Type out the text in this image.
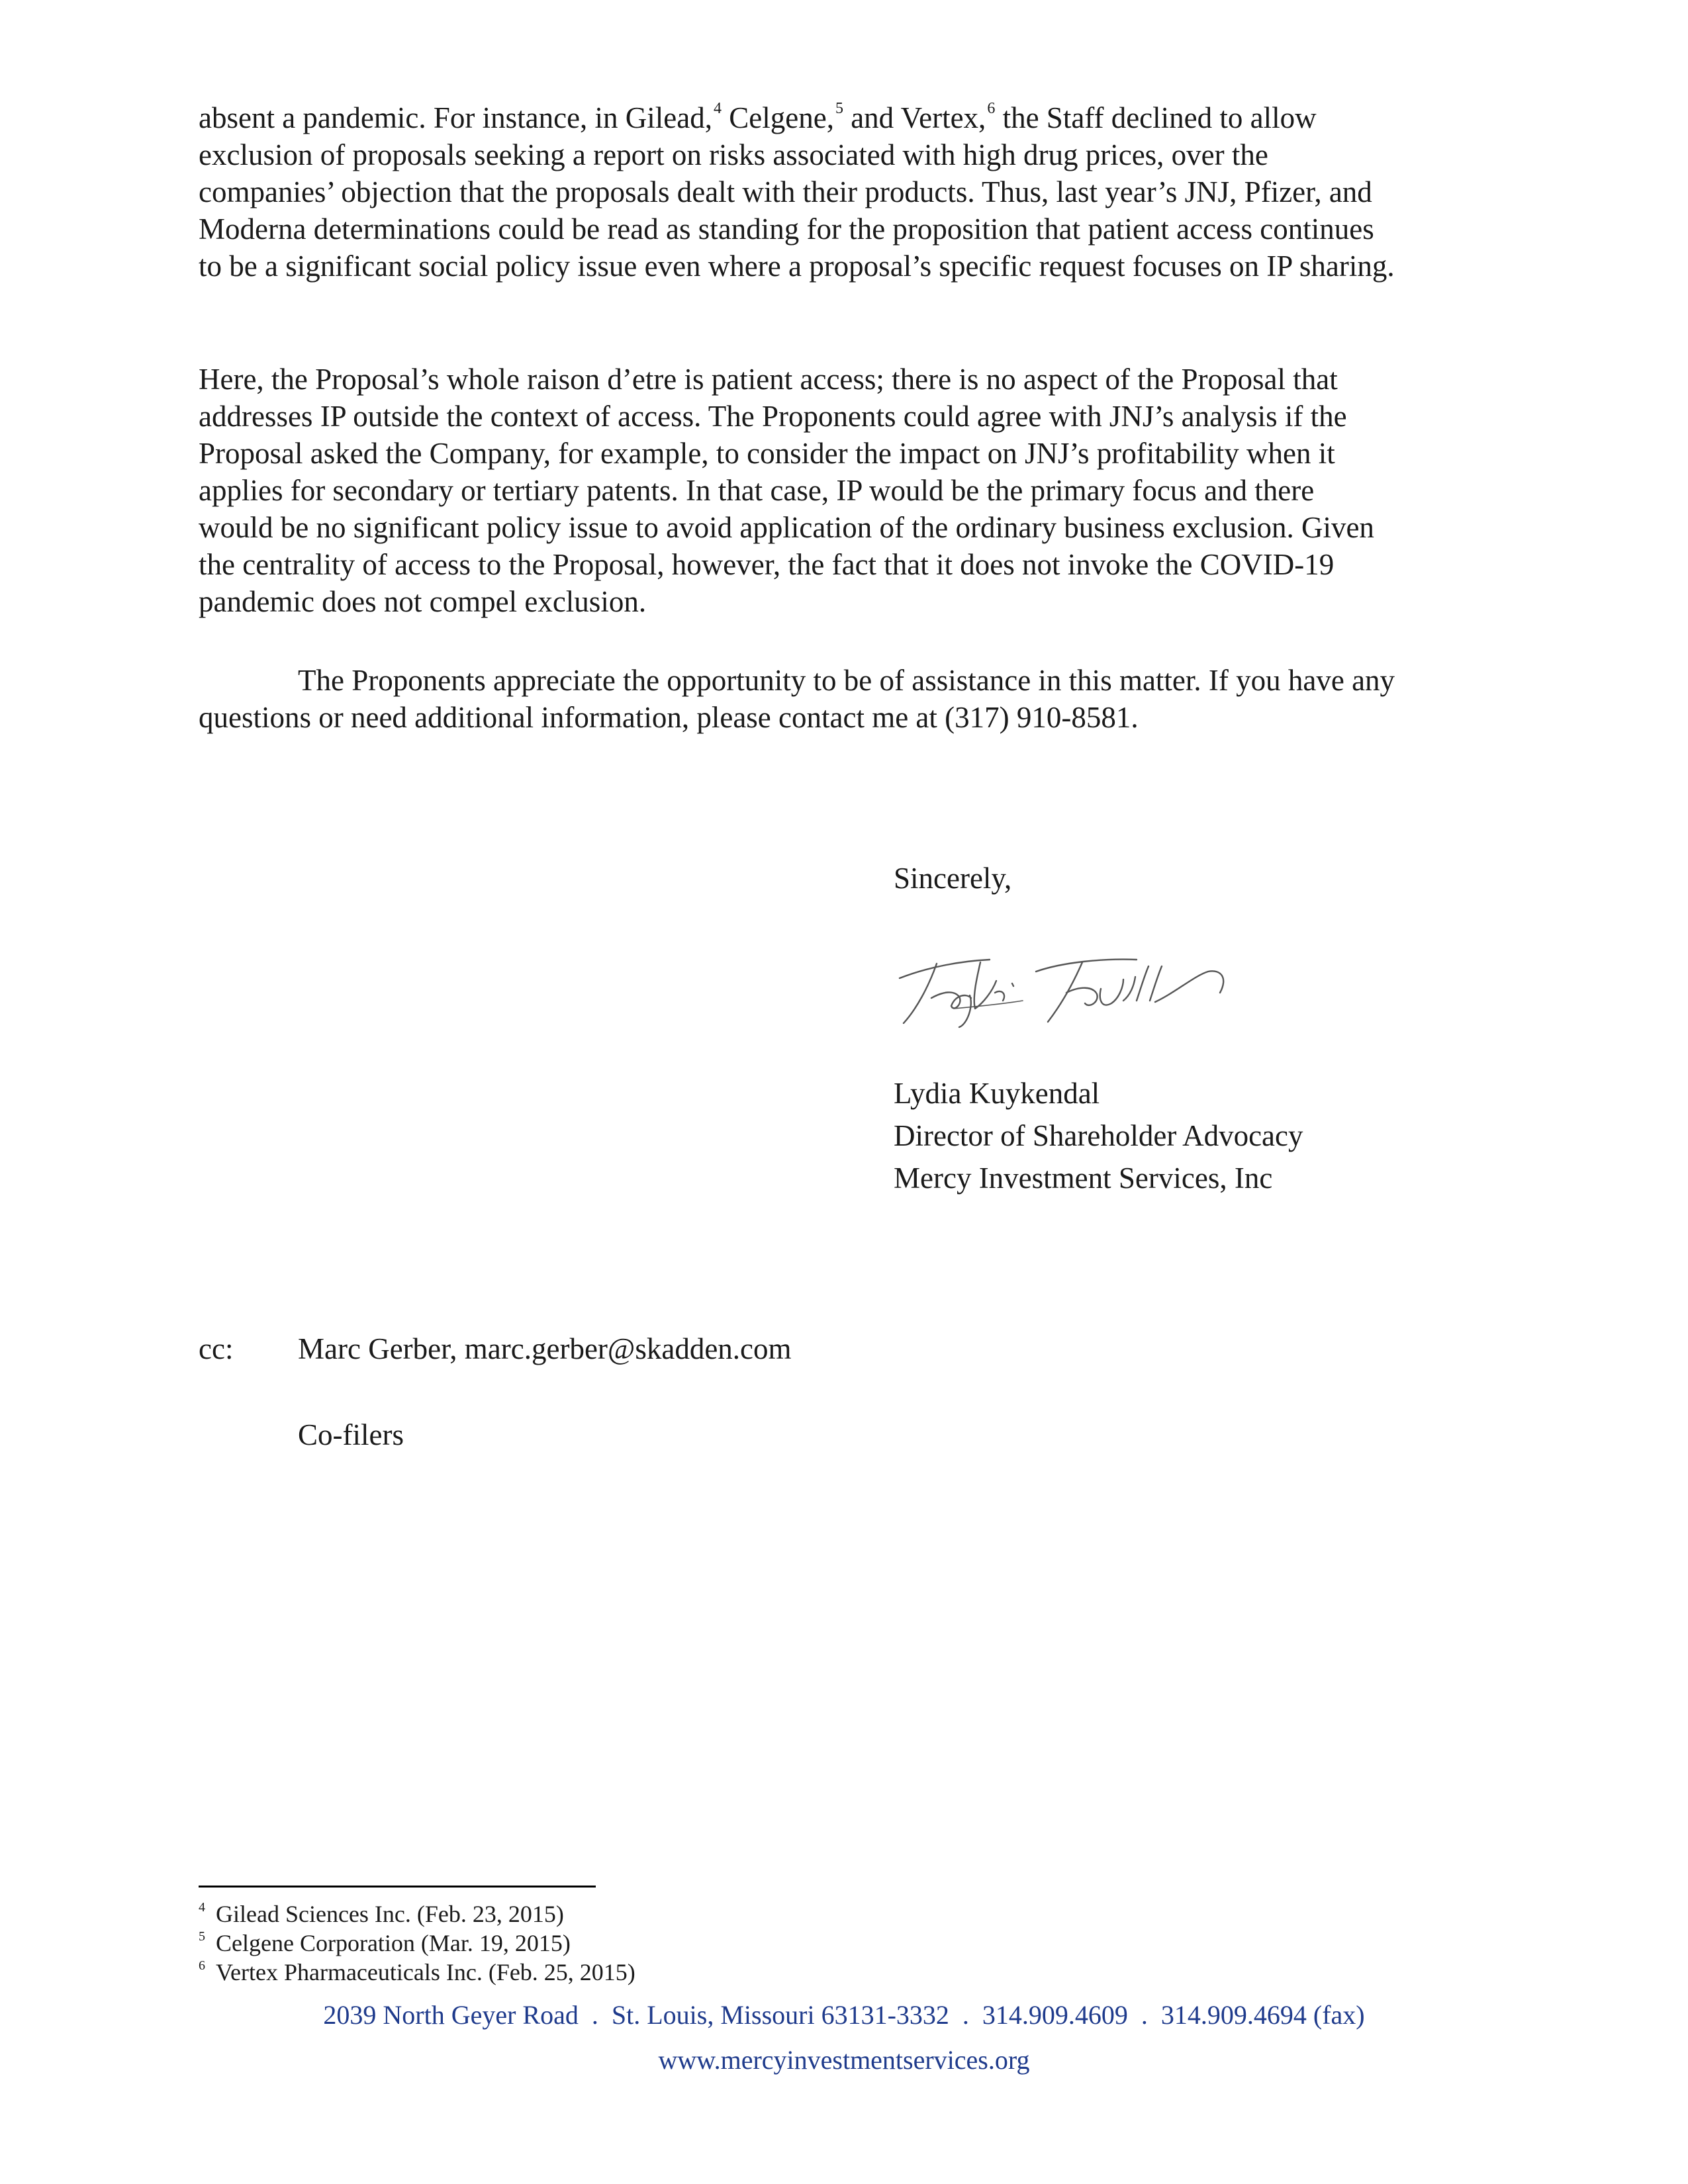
absent a pandemic. For instance, in Gilead,$^4$ Celgene,$^5$ and Vertex,$^6$ the Staff declined to allow
exclusion of proposals seeking a report on risks associated with high drug prices, over the
companies’ objection that the proposals dealt with their products. Thus, last year’s JNJ, Pfizer, and
Moderna determinations could be read as standing for the proposition that patient access continues
to be a significant social policy issue even where a proposal’s specific request focuses on IP sharing.
Here, the Proposal’s whole raison d’etre is patient access; there is no aspect of the Proposal that
addresses IP outside the context of access. The Proponents could agree with JNJ’s analysis if the
Proposal asked the Company, for example, to consider the impact on JNJ’s profitability when it
applies for secondary or tertiary patents. In that case, IP would be the primary focus and there
would be no significant policy issue to avoid application of the ordinary business exclusion. Given
the centrality of access to the Proposal, however, the fact that it does not invoke the COVID-19
pandemic does not compel exclusion.
The Proponents appreciate the opportunity to be of assistance in this matter. If you have any
questions or need additional information, please contact me at (317) 910-8581.
Sincerely,
Lydia Kuykendal
Director of Shareholder Advocacy
Mercy Investment Services, Inc
cc: Marc Gerber, marc.gerber@skadden.com
Co-filers
$^4$ Gilead Sciences Inc. (Feb. 23, 2015)
$^5$ Celgene Corporation (Mar. 19, 2015)
$^6$ Vertex Pharmaceuticals Inc. (Feb. 25, 2015)
2039 North Geyer Road  .  St. Louis, Missouri 63131-3332  .  314.909.4609  .  314.909.4694 (fax)
www.mercyinvestmentservices.org
